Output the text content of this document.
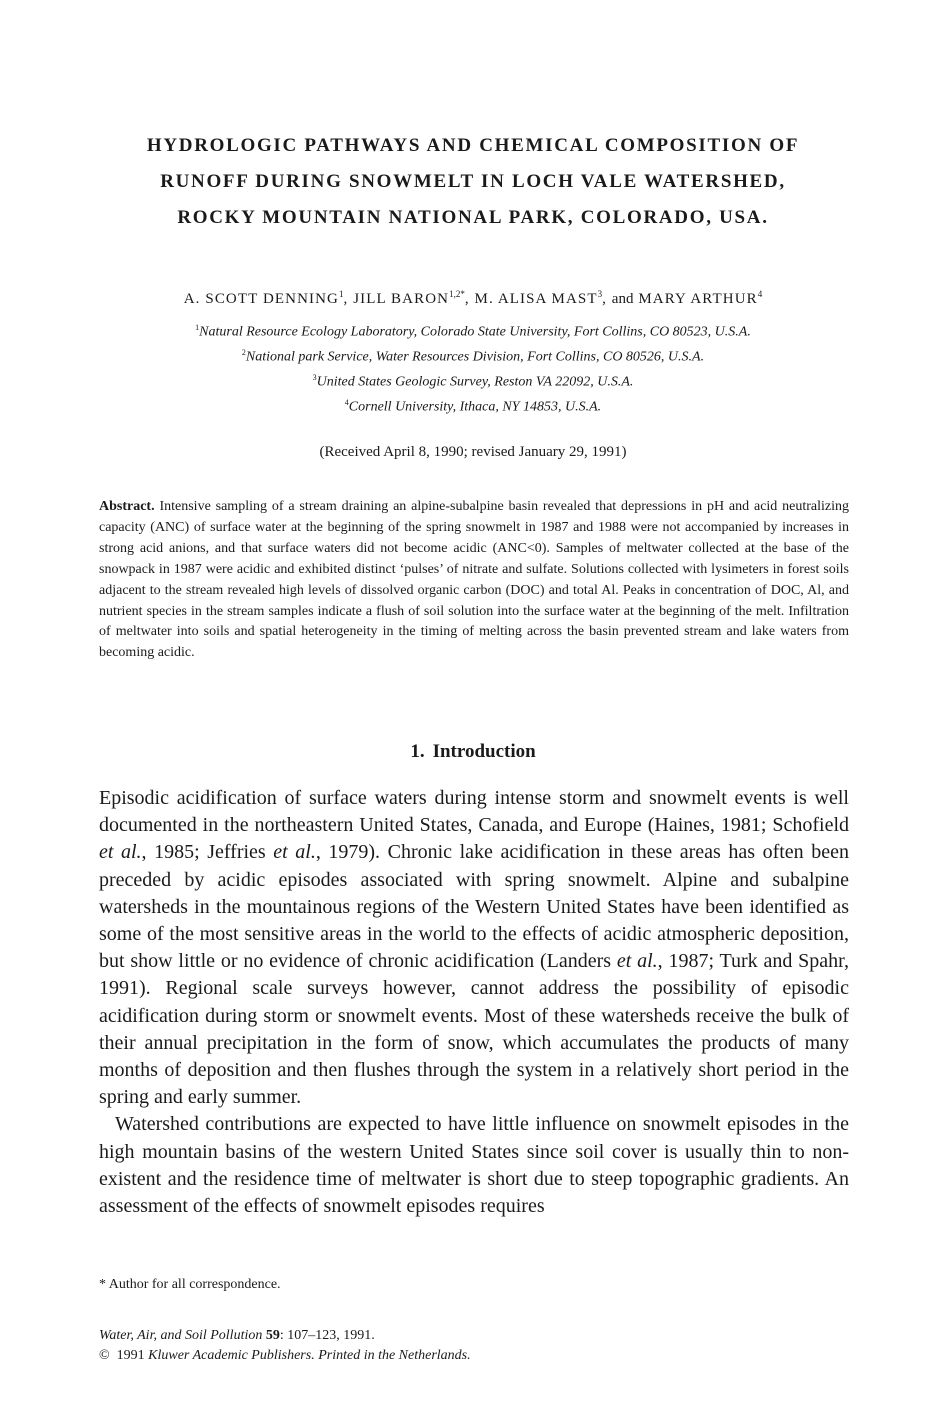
HYDROLOGIC PATHWAYS AND CHEMICAL COMPOSITION OF
RUNOFF DURING SNOWMELT IN LOCH VALE WATERSHED,
ROCKY MOUNTAIN NATIONAL PARK, COLORADO, USA.
A. SCOTT DENNING$^1$, JILL $BARON^{1,2*}$, M. ALISA MAST$^3$, and MARY ARTHUR$^4$
$^1$Natural Resource Ecology Laboratory, Colorado State University, Fort Collins, CO 80523, U.S.A.
$^2$National park Service, Water Resources Division, Fort Collins, CO 80526, U.S.A.
$^3$United States Geologic Survey, Reston VA 22092, U.S.A.
$^4$Cornell University, Ithaca, NY 14853, U.S.A.
(Received April 8, 1990; revised January 29, 1991)

Abstract. Intensive sampling of a stream draining an alpine-subalpine basin revealed that depressions in pH and acid neutralizing capacity (ANC) of surface water at the beginning of the spring snowmelt in 1987 and 1988 were not accompanied by increases in strong acid anions, and that surface waters did not become acidic (ANC<0). Samples of meltwater collected at the base of the snowpack in 1987 were acidic and exhibited distinct ‘pulses’ of nitrate and sulfate. Solutions collected with lysimeters in forest soils adjacent to the stream revealed high levels of dissolved organic carbon (DOC) and total Al. Peaks in concentration of DOC, Al, and nutrient species in the stream samples indicate a flush of soil solution into the surface water at the beginning of the melt. Infiltration of meltwater into soils and spatial heterogeneity in the timing of melting across the basin prevented stream and lake waters from becoming acidic.

1. Introduction

Episodic acidification of surface waters during intense storm and snowmelt events is well documented in the northeastern United States, Canada, and Europe (Haines, 1981; Schofield et al., 1985; Jeffries et al., 1979). Chronic lake acidification in these areas has often been preceded by acidic episodes associated with spring snowmelt. Alpine and subalpine watersheds in the mountainous regions of the Western United States have been identified as some of the most sensitive areas in the world to the effects of acidic atmospheric deposition, but show little or no evidence of chronic acidification (Landers et al., 1987; Turk and Spahr, 1991). Regional scale surveys however, cannot address the possibility of episodic acidification during storm or snowmelt events. Most of these watersheds receive the bulk of their annual precipitation in the form of snow, which accumulates the products of many months of deposition and then flushes through the system in a relatively short period in the spring and early summer.

Watershed contributions are expected to have little influence on snowmelt episodes in the high mountain basins of the western United States since soil cover is usually thin to non-existent and the residence time of meltwater is short due to steep topographic gradients. An assessment of the effects of snowmelt episodes requires

* Author for all correspondence.
Water, Air, and Soil Pollution 59: 107–123, 1991.
© 1991 Kluwer Academic Publishers. Printed in the Netherlands.
